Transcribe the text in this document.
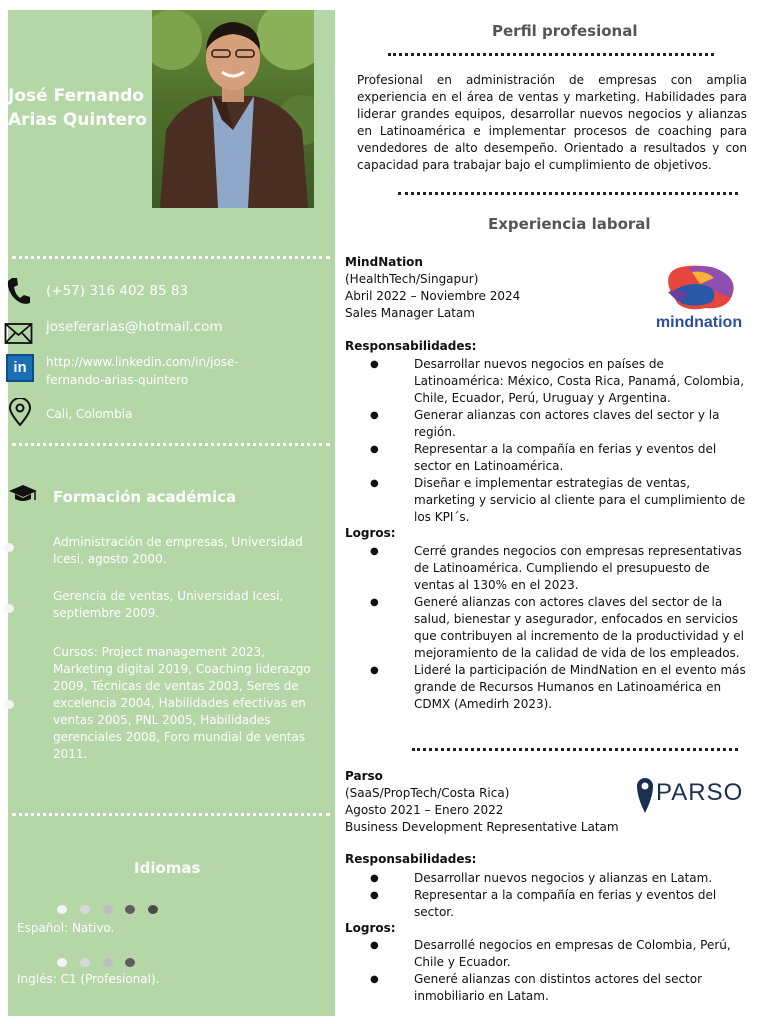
José Fernando
Arias Quintero
(+57) 316 402 85 83
joseferarias@hotmail.com
in	http://www.linkedin.com/in/jose-
fernando-arias-quintero
Cali, Colombia
Formación académica
Administración de empresas, Universidad Icesi, agosto 2000.
Gerencia de ventas, Universidad Icesi, septiembre 2009.
Cursos: Project management 2023, Marketing digital 2019, Coaching liderazgo 2009, Técnicas de ventas 2003, Seres de excelencia 2004, Habilidades efectivas en ventas 2005, PNL 2005, Habilidades gerenciales 2008, Foro mundial de ventas 2011.
Idiomas
Español: Nativo.
Inglés: C1 (Profesional).
Perfil profesional
Profesional en administración de empresas con amplia experiencia en el área de ventas y marketing. Habilidades para liderar grandes equipos, desarrollar nuevos negocios y alianzas en Latinoamérica e implementar procesos de coaching para vendedores de alto desempeño. Orientado a resultados y con capacidad para trabajar bajo el cumplimiento de objetivos.
Experiencia laboral
MindNation
(HealthTech/Singapur)
Abril 2022 – Noviembre 2024
Sales Manager Latam
mindnation
Responsabilidades:
● Desarrollar nuevos negocios en países de Latinoamérica: México, Costa Rica, Panamá, Colombia, Chile, Ecuador, Perú, Uruguay y Argentina.
● Generar alianzas con actores claves del sector y la región.
● Representar a la compañía en ferias y eventos del sector en Latinoamérica.
● Diseñar e implementar estrategias de ventas, marketing y servicio al cliente para el cumplimiento de los KPI´s.
Logros:
● Cerré grandes negocios con empresas representativas de Latinoamérica. Cumpliendo el presupuesto de ventas al 130% en el 2023.
● Generé alianzas con actores claves del sector de la salud, bienestar y asegurador, enfocados en servicios que contribuyen al incremento de la productividad y el mejoramiento de la calidad de vida de los empleados.
● Lideré la participación de MindNation en el evento más grande de Recursos Humanos en Latinoamérica en CDMX (Amedirh 2023).
Parso
(SaaS/PropTech/Costa Rica)
Agosto 2021 – Enero 2022
Business Development Representative Latam
PARSO
Responsabilidades:
● Desarrollar nuevos negocios y alianzas en Latam.
● Representar a la compañía en ferias y eventos del sector.
Logros:
● Desarrollé negocios en empresas de Colombia, Perú, Chile y Ecuador.
● Generé alianzas con distintos actores del sector inmobiliario en Latam.
